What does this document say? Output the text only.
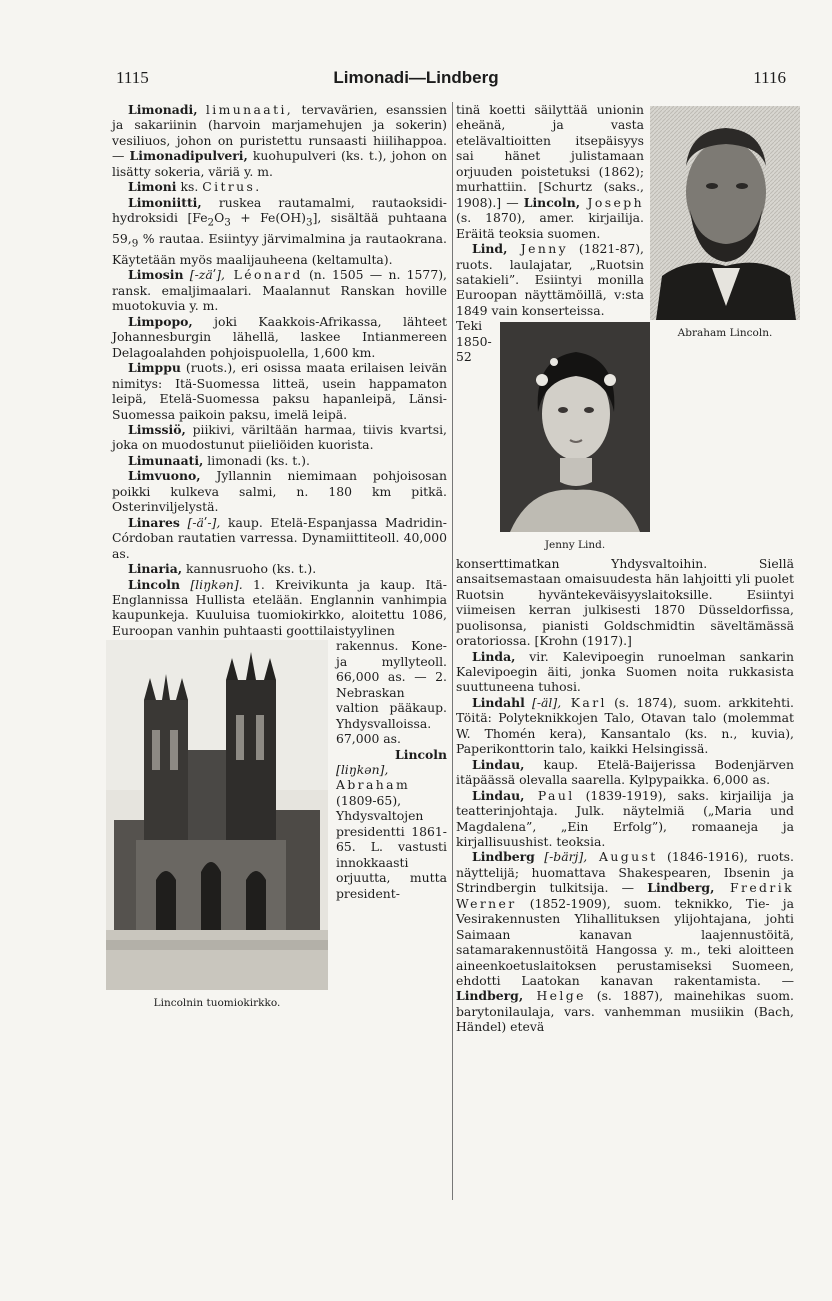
1115	Limonadi—Lindberg	1116

Limonadi, limunaati, tervavärien, esanssien ja sakariinin (harvoin marjamehujen ja sokerin) vesiliuos, johon on puristettu runsaasti hiilihappoa. — Limonadipulveri, kuohupulveri (ks. t.), johon on lisätty sokeria, väriä y. m.

Limoni ks. Citrus.

Limoniitti, ruskea rautamalmi, rautaoksidi-hydroksidi $[Fe_2O_3 + Fe(OH)_3]$, sisältää puhtaana $59,_9$ % rautaa. Esiintyy järvimalmina ja rautaokrana. Käytetään myös maalijauheena (keltamulta).

Limosin [-zäʹ], Léonard (n. 1505 — n. 1577), ransk. emaljimaalari. Maalannut Ranskan hoville muotokuvia y. m.

Limpopo, joki Kaakkois-Afrikassa, lähteet Johannesburgin lähellä, laskee Intianmereen Delagoalahden pohjoispuolella, 1,600 km.

Limppu (ruots.), eri osissa maata erilaisen leivän nimitys: Itä-Suomessa litteä, usein happamaton leipä, Etelä-Suomessa paksu hapanleipä, Länsi-Suomessa paikoin paksu, imelä leipä.

Limssiö, piikivi, väriltään harmaa, tiivis kvartsi, joka on muodostunut piieliöiden kuorista.

Limunaati, limonadi (ks. t.).

Limvuono, Jyllannin niemimaan pohjoisosan poikki kulkeva salmi, n. 180 km pitkä. Osterinviljelystä.

Linares [-äʹ-], kaup. Etelä-Espanjassa Madridin-Córdoban rautatien varressa. Dynamiittiteoll. 40,000 as.

Linaria, kannusruoho (ks. t.).

Lincoln [liŋkən]. 1. Kreivikunta ja kaup. Itä-Englannissa Hullista etelään. Englannin vanhimpia kaupunkeja. Kuuluisa tuomiokirkko, aloitettu 1086, Euroopan vanhin puhtaasti goottilaistyylinen

Lincolnin tuomiokirkko.

rakennus. Kone- ja myllyteoll. 66,000 as. — 2. Nebraskan valtion pääkaup. Yhdysvalloissa. 67,000 as.

Lincoln
[liŋkən], Abraham (1809-65), Yhdysvaltojen presidentti 1861-65. L. vastusti innokkaasti orjuutta, mutta president-

Abraham Lincoln.

tinä koetti säilyttää unionin eheänä, ja vasta etelävaltioitten itsepäisyys sai hänet julistamaan orjuuden poistetuksi (1862); murhattiin. [Schurtz (saks., 1908).] — Lincoln, Joseph (s. 1870), amer. kirjailija. Eräitä teoksia suomen.

Lind, Jenny (1821-87), ruots. laulajatar, „Ruotsin satakieli”. Esiintyi monilla Euroopan näyttämöillä, v:sta 1849 vain konserteissa.

Jenny Lind.

Teki 1850-52 konserttimatkan Yhdysvaltoihin. Siellä ansaitsemastaan omaisuudesta hän lahjoitti yli puolet Ruotsin hyväntekeväisyyslaitoksille. Esiintyi viimeisen kerran julkisesti 1870 Düsseldorfissa, puolisonsa, pianisti Goldschmidtin säveltämässä oratoriossa. [Krohn (1917).]

Linda, vir. Kalevipoegin runoelman sankarin Kalevipoegin äiti, jonka Suomen noita rukkasista suuttuneena tuhosi.

Lindahl [-äl], Karl (s. 1874), suom. arkkitehti. Töitä: Polyteknikkojen Talo, Otavan talo (molemmat W. Thomén kera), Kansantalo (ks. n., kuvia), Paperikonttorin talo, kaikki Helsingissä.

Lindau, kaup. Etelä-Baijerissa Bodenjärven itäpäässä olevalla saarella. Kylpypaikka. 6,000 as.

Lindau, Paul (1839-1919), saks. kirjailija ja teatterinjohtaja. Julk. näytelmiä („Maria und Magdalena”, „Ein Erfolg”), romaaneja ja kirjallisuushist. teoksia.

Lindberg [-bärj], August (1846-1916), ruots. näyttelijä; huomattava Shakespearen, Ibsenin ja Strindbergin tulkitsija. — Lindberg, Fredrik Werner (1852-1909), suom. teknikko, Tie- ja Vesirakennusten Ylihallituksen ylijohtajana, johti Saimaan kanavan laajennustöitä, satamarakennustöitä Hangossa y. m., teki aloitteen aineenkoetuslaitoksen perustamiseksi Suomeen, ehdotti Laatokan kanavan rakentamista. — Lindberg, Helge (s. 1887), mainehikas suom. barytonilaulaja, vars. vanhemman musiikin (Bach, Händel) etevä
